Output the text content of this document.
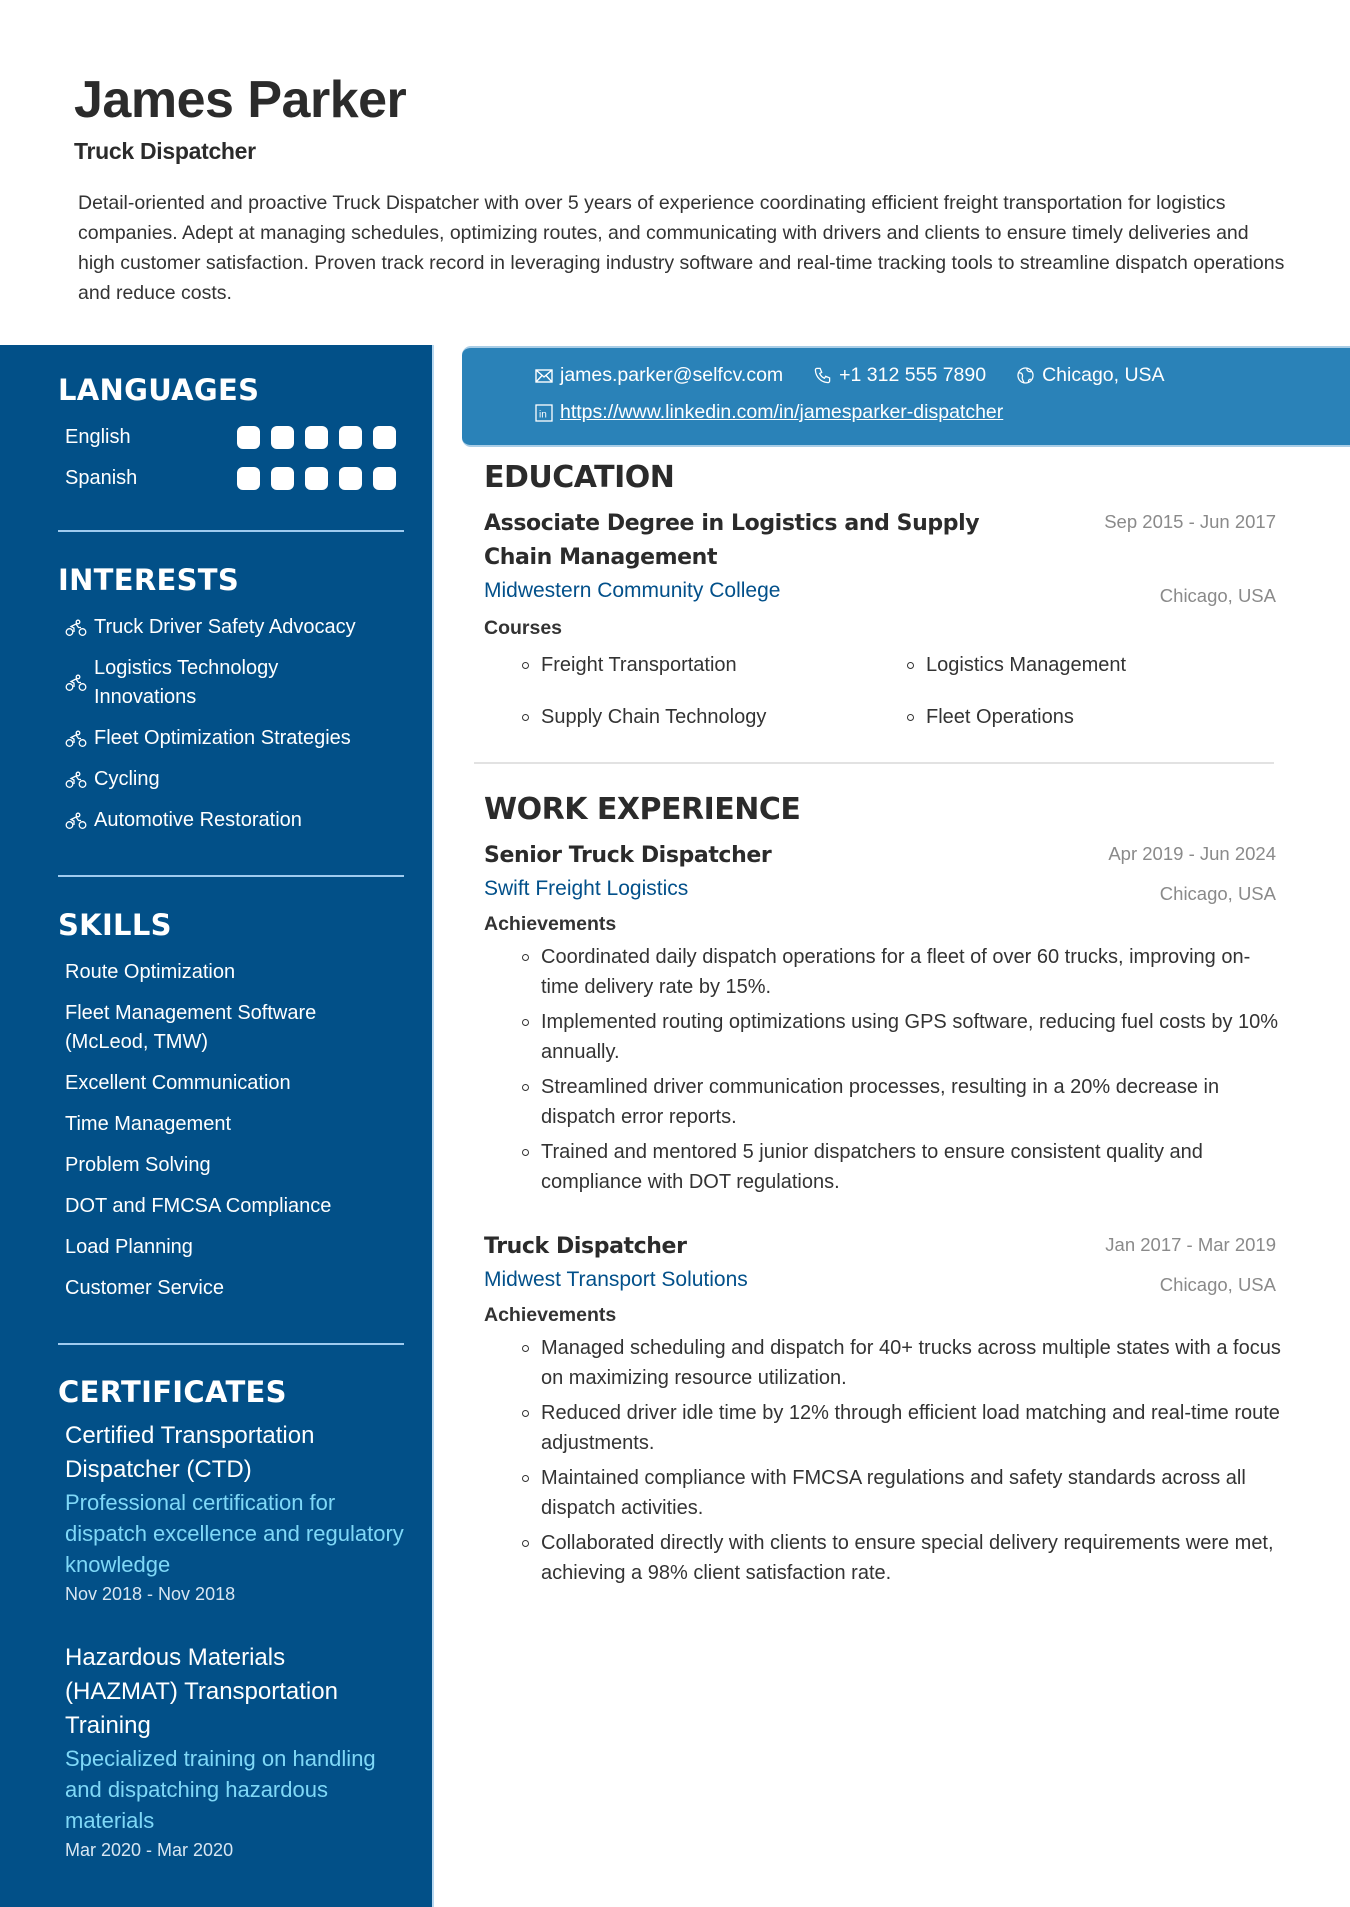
James Parker
Truck Dispatcher
Detail-oriented and proactive Truck Dispatcher with over 5 years of experience coordinating efficient freight transportation for logistics companies. Adept at managing schedules, optimizing routes, and communicating with drivers and clients to ensure timely deliveries and high customer satisfaction. Proven track record in leveraging industry software and real-time tracking tools to streamline dispatch operations and reduce costs.
LANGUAGES
English
Spanish
INTERESTS
Truck Driver Safety Advocacy
Logistics Technology Innovations
Fleet Optimization Strategies
Cycling
Automotive Restoration
SKILLS
Route Optimization
Fleet Management Software (McLeod, TMW)
Excellent Communication
Time Management
Problem Solving
DOT and FMCSA Compliance
Load Planning
Customer Service
CERTIFICATES
Certified Transportation Dispatcher (CTD)
Professional certification for dispatch excellence and regulatory knowledge
Nov 2018 - Nov 2018
Hazardous Materials (HAZMAT) Transportation Training
Specialized training on handling and dispatching hazardous materials
Mar 2020 - Mar 2020
james.parker@selfcv.com	+1 312 555 7890	Chicago, USA
in https://www.linkedin.com/in/jamesparker-dispatcher
EDUCATION
Sep 2015 - Jun 2017
Associate Degree in Logistics and Supply Chain Management
Chicago, USA
Midwestern Community College
Courses
Freight Transportation	Logistics Management
Supply Chain Technology	Fleet Operations
WORK EXPERIENCE
Apr 2019 - Jun 2024
Senior Truck Dispatcher
Chicago, USA
Swift Freight Logistics
Achievements
Coordinated daily dispatch operations for a fleet of over 60 trucks, improving on-time delivery rate by 15%.
Implemented routing optimizations using GPS software, reducing fuel costs by 10% annually.
Streamlined driver communication processes, resulting in a 20% decrease in dispatch error reports.
Trained and mentored 5 junior dispatchers to ensure consistent quality and compliance with DOT regulations.
Jan 2017 - Mar 2019
Truck Dispatcher
Chicago, USA
Midwest Transport Solutions
Achievements
Managed scheduling and dispatch for 40+ trucks across multiple states with a focus on maximizing resource utilization.
Reduced driver idle time by 12% through efficient load matching and real-time route adjustments.
Maintained compliance with FMCSA regulations and safety standards across all dispatch activities.
Collaborated directly with clients to ensure special delivery requirements were met, achieving a 98% client satisfaction rate.
